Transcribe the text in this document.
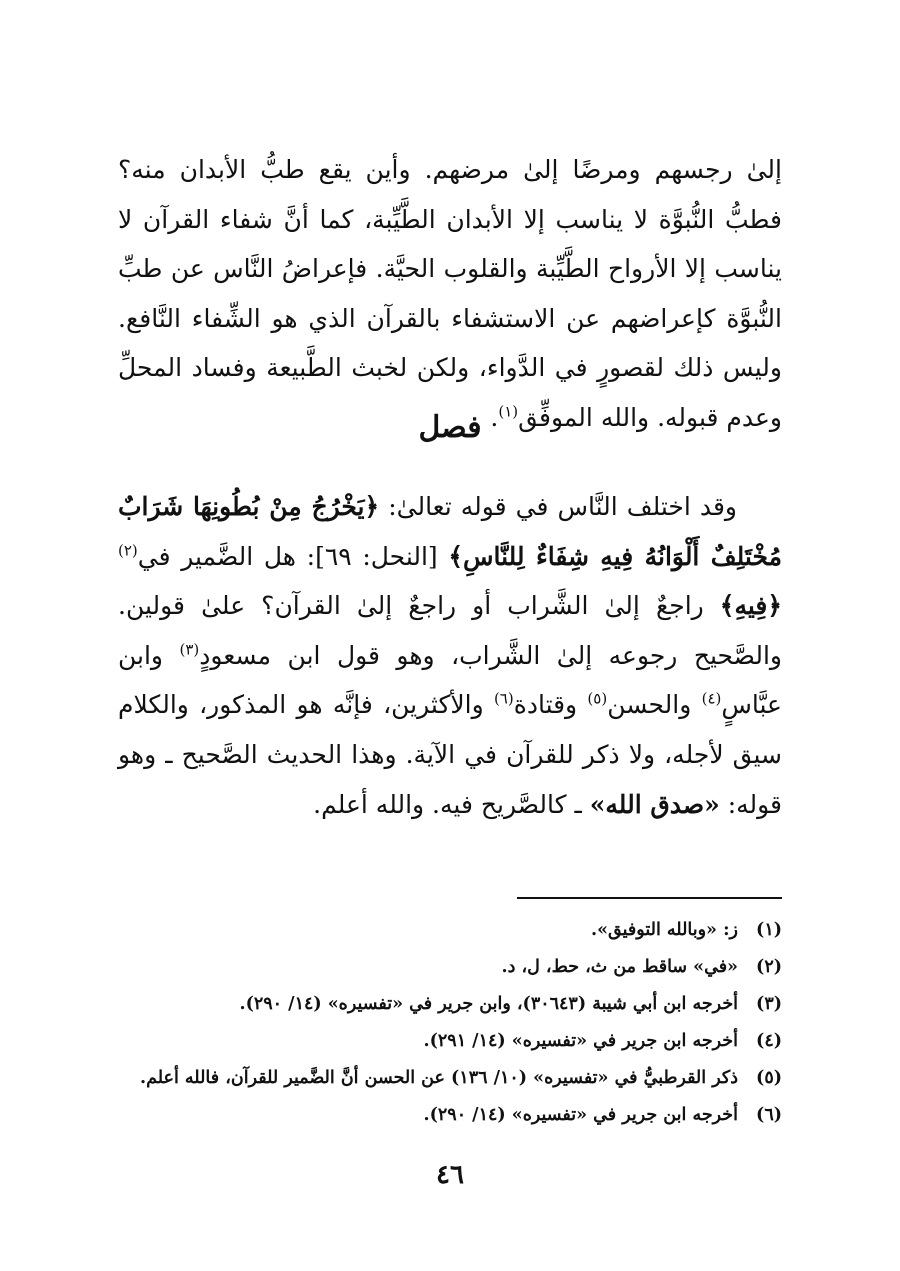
إلىٰ رجسهم ومرضًا إلىٰ مرضهم. وأين يقع طبُّ الأبدان منه؟ فطبُّ النُّبوَّة لا يناسب إلا الأبدان الطَّيِّبة، كما أنَّ شفاء القرآن لا يناسب إلا الأرواح الطَّيِّبة والقلوب الحيَّة. فإعراضُ النَّاس عن طبِّ النُّبوَّة كإعراضهم عن الاستشفاء بالقرآن الذي هو الشِّفاء النَّافع. وليس ذلك لقصورٍ في الدَّواء، ولكن لخبث الطَّبيعة وفساد المحلِّ وعدم قبوله. والله الموفِّق$^{(١)}$.
فصل
وقد اختلف النَّاس في قوله تعالىٰ: ﴿يَخْرُجُ مِنْ بُطُونِهَا شَرَابٌ مُخْتَلِفٌ أَلْوَانُهُ فِيهِ شِفَاءٌ لِلنَّاسِ﴾ [النحل: ٦٩]: هل الضَّمير في$^{(٢)}$ ﴿فِيهِ﴾ راجعٌ إلىٰ الشَّراب أو راجعٌ إلىٰ القرآن؟ علىٰ قولين. والصَّحيح رجوعه إلىٰ الشَّراب، وهو قول ابن مسعودٍ$^{(٣)}$ وابن عبَّاسٍ$^{(٤)}$ والحسن$^{(٥)}$ وقتادة$^{(٦)}$ والأكثرين، فإنَّه هو المذكور، والكلام سيق لأجله، ولا ذكر للقرآن في الآية. وهذا الحديث الصَّحيح ـ وهو قوله: «صدق الله» ـ كالصَّريح فيه. والله أعلم.
(١)ز: «وبالله التوفيق».
(٢)«في» ساقط من ث، حط، ل، د.
(٣)أخرجه ابن أبي شيبة (٣٠٦٤٣)، وابن جرير في «تفسيره» (١٤/ ٢٩٠).
(٤)أخرجه ابن جرير في «تفسيره» (١٤/ ٢٩١).
(٥)ذكر القرطبيُّ في «تفسيره» (١٠/ ١٣٦) عن الحسن أنَّ الضَّمير للقرآن، فالله أعلم.
(٦)أخرجه ابن جرير في «تفسيره» (١٤/ ٢٩٠).
٤٦
